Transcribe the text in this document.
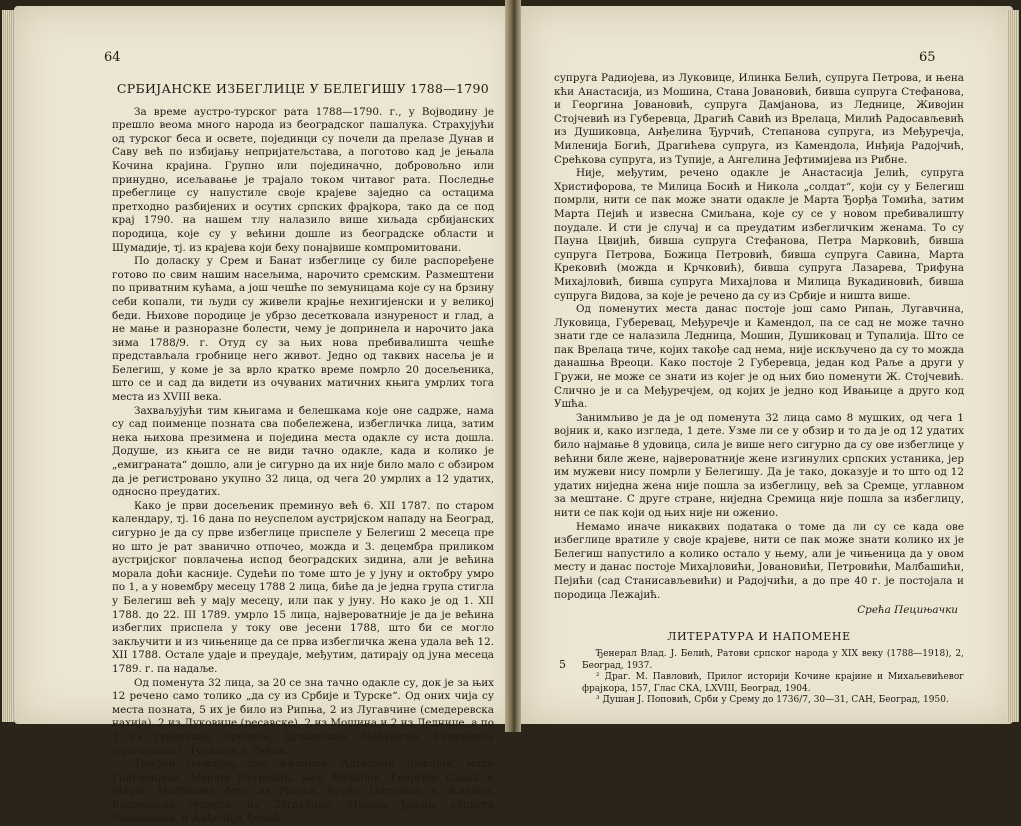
64
СРБИЈАНСКЕ ИЗБЕГЛИЦЕ У БЕЛЕГИШУ 1788—1790

За време аустро-турског рата 1788—1790. г., у Војводину је прешло веома много народа из београдског пашалука. Страхујући од турског беса и освете, појединци су почели да прелазе Дунав и Саву већ по избијању непријатељстава, а поготово кад је јењала Кочина крајина. Групно или појединачно, добровољно или принудно, исељавање је трајало током читавог рата. Последње пребеглице су напустиле своје крајеве заједно са остацима претходно разбијених и осутих српских фрајкора, тако да се под крај 1790. на нашем тлу налазило више хиљада србијанских породица, које су у већини дошле из београдске области и Шумадије, тј. из крајева који беху понајвише компромитовани.

По доласку у Срем и Банат избеглице су биле распоређене готово по свим нашим насељима, нарочито сремским. Размештени по приватним кућама, а још чешће по земуницама које су на брзину себи копали, ти људи су живели крајње нехигијенски и у великој беди. Њихове породице је убрзо десетковала изнуреност и глад, а не мање и разноразне болести, чему је допринела и нарочито јака зима 1788/9. г. Отуд су за њих нова пребивалишта чешће представљала гробнице него живот. Једно од таквих насеља је и Белегиш, у коме је за врло кратко време помрло 20 досељеника, што се и сад да видети из очуваних матичних књига умрлих тога места из XVIII века.

Захваљујући тим књигама и белешкама које оне садрже, нама су сад поименце позната сва побележена, избегличка лица, затим нека њихова презимена и поједина места одакле су иста дошла. Додуше, из књига се не види тачно одакле, када и колико је „емиграната“ дошло, али је сигурно да их није било мало с обзиром да је регистровано укупно 32 лица, од чега 20 умрлих а 12 удатих, односно преудатих.

Како је први досељеник преминуо већ 6. XII 1787. по старом календару, тј. 16 дана по неуспелом аустријском нападу на Београд, сигурно је да су прве избеглице приспеле у Белегиш 2 месеца пре но што је рат званично отпочео, можда и 3. децембра приликом аустријског повлачења испод београдских зидина, али је већина морала доћи касније. Судећи по томе што је у јуну и октобру умро по 1, а у новембру месецу 1788 2 лица, биће да је једна група стигла у Белегиш већ у мају месецу, или пак у јуну. Но како је од 1. XII 1788. до 22. III 1789. умрло 15 лица, највероватније је да је већина избеглих приспела у току ове јесени 1788, што би се могло закључити и из чињенице да се прва избегличка жена удала већ 12. XII 1788. Остале удаје и преудаје, међутим, датирају од јуна месеца 1789. г. па надаље.

Од поменута 32 лица, за 20 се зна тачно одакле су, док је за њих 12 речено само толико „да су из Србије и Турске“. Од оних чија су места позната, 5 их је било из Рипња, 2 из Лугавчине (смедеревска нахија), 2 из Луковице (ресавске), 2 из Мошина и 2 из Леднице, а по 1 из Губеревца, Врелаца, Душиковца, Међуречја, Камендола (грочанског), Тупалије и Рибне.

Трифун Лежајић, син Филипов, Ангелина Лежајић, мати Григоријева, Марија Петровић, њен Филипов, Георгије Савић и Марко Малбашић беху из Рипња, Ђорђе Петровић и Живана, Радованова супруга, из Лугавчине, Милија Ђорић, супруга Радованова, и Анђелија Ђорић,

65

супруга Радиојева, из Луковице, Илинка Белић, супруга Петрова, и њена кћи Анастасија, из Мошина, Стана Јовановић, бивша супруга Стефанова, и Георгина Јовановић, супруга Дамјанова, из Леднице, Живојин Стојчевић из Губеревца, Драгић Савић из Врелаца, Милић Радосављевић из Душиковца, Анђелина Ђурчић, Степанова супруга, из Међуречја, Миленија Богић, Драгићева супруга, из Камендола, Инђија Радојчић, Срећкова супруга, из Тупије, а Ангелина Јефтимијева из Рибне.

Није, међутим, речено одакле је Анастасија Јелић, супруга Христифорова, те Милица Босић и Никола „солдат“, који су у Белегиш помрли, нити се пак може знати одакле је Марта Ђорђа Томића, затим Марта Пејић и извесна Смиљана, које су се у новом пребивалишту поудале. И сти је случај и са преудатим избегличким женама. То су Пауна Цвијић, бивша супруга Стефанова, Петра Марковић, бивша супруга Петрова, Божица Петровић, бивша супруга Савина, Марта Крековић (можда и Крчковић), бивша супруга Лазарева, Трифуна Михајловић, бивша супруга Михајлова и Милица Вукадиновић, бивша супруга Видова, за које је речено да су из Србије и ништа више.

Од поменутих места данас постоје још само Рипањ, Лугавчина, Луковица, Губеревац, Међуречје и Камендол, па се сад не може тачно знати где се налазила Ледница, Мошин, Душиковац и Тупалија. Што се пак Врелаца тиче, којих такође сад нема, није искључено да су то можда данашња Вреоци. Како постоје 2 Губеревца, један код Раље а други у Гружи, не може се знати из којег је од њих био поменути Ж. Стојчевић. Слично је и са Међуречјем, од којих је једно код Ивањице а друго код Ушћа.

Занимљиво је да је од поменута 32 лица само 8 мушких, од чега 1 војник и, како изгледа, 1 дете. Узме ли се у обзир и то да је од 12 удатих било најмање 8 удовица, сила је више него сигурно да су ове избеглице у већини биле жене, највероватније жене изгинулих српских устаника, јер им мужеви нису помрли у Белегишу. Да је тако, доказује и то што од 12 удатих ниједна жена није пошла за избеглицу, већ за Сремце, углавном за мештане. С друге стране, ниједна Сремица није пошла за избеглицу, нити се пак који од њих није ни оженио.

Немамо иначе никаквих података о томе да ли су се када ове избеглице вратиле у своје крајеве, нити се пак може знати колико их је Белегиш напустило а колико остало у њему, али је чињеница да у овом месту и данас постоје Михајловићи, Јовановићи, Петровићи, Малбашићи, Пејићи (сад Станисављевићи) и Радојчићи, а до пре 40 г. је постојала и породица Лежајић.

Срећа Пецињачки
ЛИТЕРАТУРА И НАПОМЕНЕ
Ђенерал Влад. Ј. Белић, Ратови српског народа у XIX веку (1788—1918), 2, Београд, 1937.
² Драг. М. Павловић, Прилог историји Кочине крајине и Михаљевићевог фрајкора, 157, Глас СКА, LXVIII, Београд, 1904.
³ Душан Ј. Поповић, Срби у Срему до 1736/7, 30—31, САН, Београд, 1950.
5
